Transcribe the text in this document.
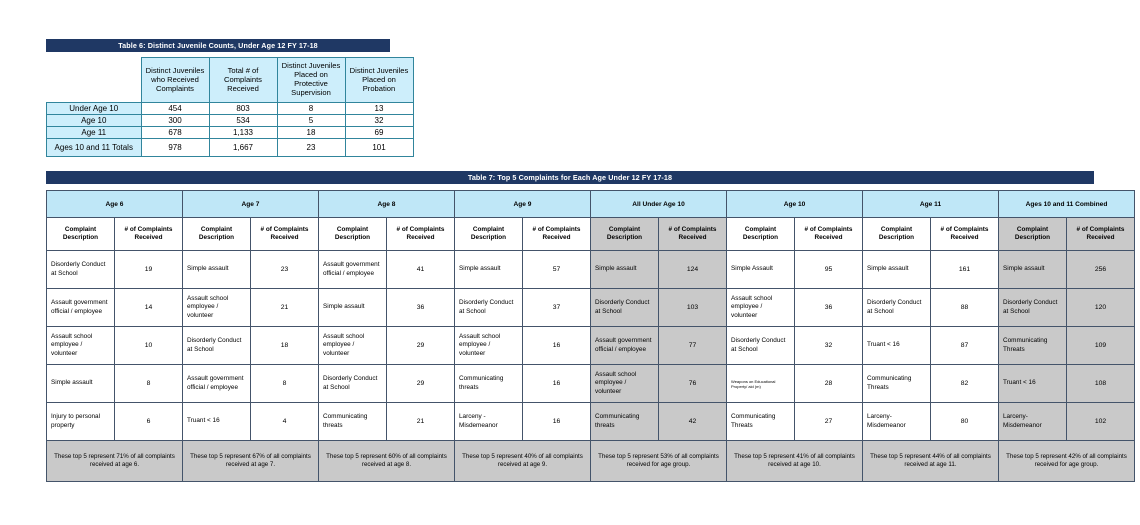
Table 6: Distinct Juvenile Counts, Under Age 12 FY 17-18
	Distinct Juveniles who Received Complaints	Total # of Complaints Received	Distinct Juveniles Placed on Protective Supervision	Distinct Juveniles Placed on Probation
Under Age 10	454	803	8	13
Age 10	300	534	5	32
Age 11	678	1,133	18	69
Ages 10 and 11 Totals	978	1,667	23	101
Table 7: Top 5 Complaints for Each Age Under 12 FY 17-18
Age 6		Age 7		Age 8		Age 9		All Under Age 10		Age 10		Age 11		Ages 10 and 11 Combined	
Complaint Description	# of Complaints Received	Complaint Description	# of Complaints Received	Complaint Description	# of Complaints Received	Complaint Description	# of Complaints Received	Complaint Description	# of Complaints Received	Complaint Description	# of Complaints Received	Complaint Description	# of Complaints Received	Complaint Description	# of Complaints Received
Disorderly Conduct at School	19	Simple assault	23	Assault government official / employee	41	Simple assault	57	Simple assault	124	Simple Assault	95	Simple assault	161	Simple assault	256
Assault government official / employee	14	Assault school employee / volunteer	21	Simple assault	36	Disorderly Conduct at School	37	Disorderly Conduct at School	103	Assault school employee / volunteer	36	Disorderly Conduct at School	88	Disorderly Conduct at School	120
Assault school employee / volunteer	10	Disorderly Conduct at School	18	Assault school employee / volunteer	29	Assault school employee / volunteer	16	Assault government official / employee	77	Disorderly Conduct at School	32	Truant < 16	87	Communicating Threats	109
Simple assault	8	Assault government official / employee	8	Disorderly Conduct at School	29	Communicating threats	16	Assault school employee / volunteer	76	Weapons on Educational Property/ aid (m)	28	Communicating Threats	82	Truant < 16	108
Injury to personal property	6	Truant < 16	4	Communicating threats	21	Larceny - Misdemeanor	16	Communicating threats	42	Communicating Threats	27	Larceny- Misdemeanor	80	Larceny- Misdemeanor	102
These top 5 represent 71% of all complaints received at age 6.		These top 5 represent 67% of all complaints received at age 7.		These top 5 represent 60% of all complaints received at age 8.		These top 5 represent 40% of all complaints received at age 9.		These top 5 represent 53% of all complaints received for age group.		These top 5 represent 41% of all complaints received at age 10.		These top 5 represent 44% of all complaints received at age 11.		These top 5 represent 42% of all complaints received for age group.	
